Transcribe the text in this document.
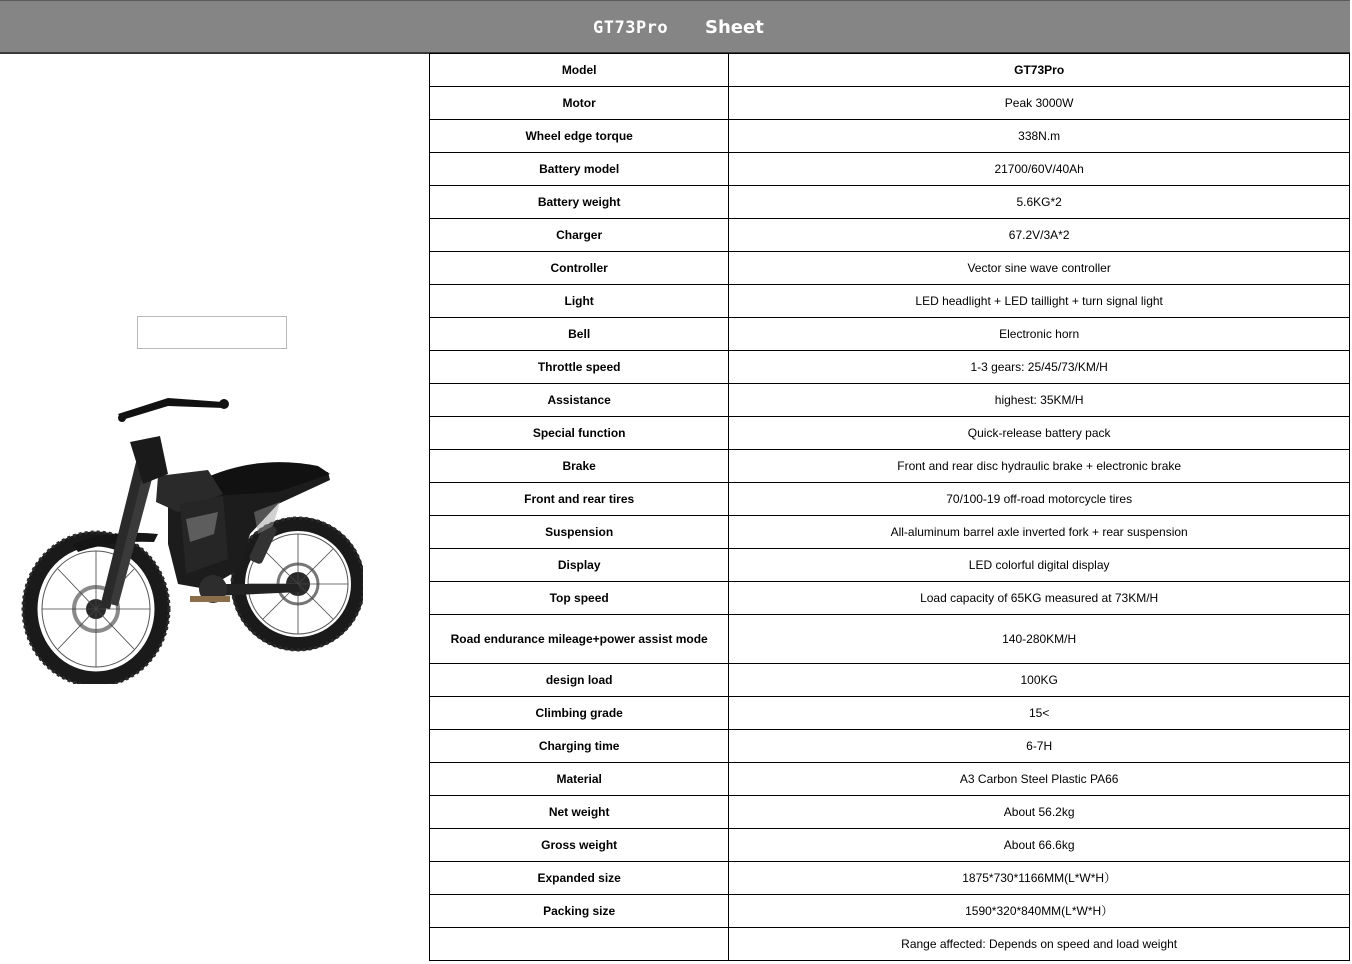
GT73Pro Sheet
Model	GT73Pro
Motor	Peak 3000W
Wheel edge torque	338N.m
Battery model	21700/60V/40Ah
Battery weight	5.6KG*2
Charger	67.2V/3A*2
Controller	Vector sine wave controller
Light	LED headlight + LED taillight + turn signal light
Bell	Electronic horn
Throttle speed	1-3 gears: 25/45/73/KM/H
Assistance	highest: 35KM/H
Special function	Quick-release battery pack
Brake	Front and rear disc hydraulic brake + electronic brake
Front and rear tires	70/100-19 off-road motorcycle tires
Suspension	All-aluminum barrel axle inverted fork + rear suspension
Display	LED colorful digital display
Top speed	Load capacity of 65KG measured at 73KM/H
Road endurance mileage+power assist mode	140-280KM/H
design load	100KG
Climbing grade	15<
Charging time	6-7H
Material	A3 Carbon Steel Plastic PA66
Net weight	About 56.2kg
Gross weight	About 66.6kg
Expanded size	1875*730*1166MM(L*W*H）
Packing size	1590*320*840MM(L*W*H）
	Range affected: Depends on speed and load weight
